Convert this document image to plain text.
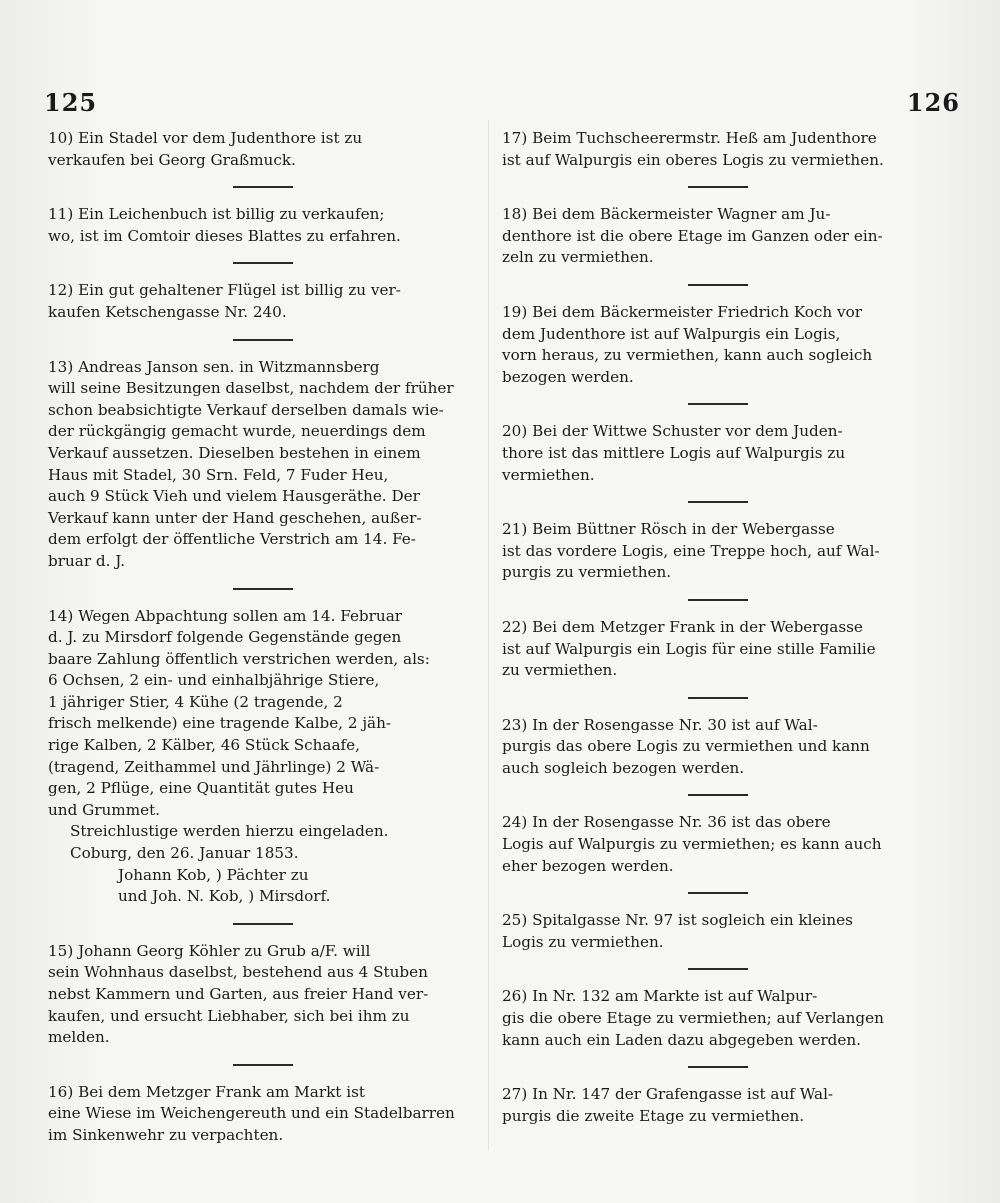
125	126

10) Ein Stadel vor dem Judenthore ist zu

verkaufen bei Georg Graßmuck.

11) Ein Leichenbuch ist billig zu verkaufen;

wo, ist im Comtoir dieses Blattes zu erfahren.

12) Ein gut gehaltener Flügel ist billig zu ver-

kaufen Ketschengasse Nr. 240.

13) Andreas Janson sen. in Witzmannsberg

will seine Besitzungen daselbst, nachdem der früher

schon beabsichtigte Verkauf derselben damals wie-

der rückgängig gemacht wurde, neuerdings dem

Verkauf aussetzen. Dieselben bestehen in einem

Haus mit Stadel, 30 Srn. Feld, 7 Fuder Heu,

auch 9 Stück Vieh und vielem Hausgeräthe. Der

Verkauf kann unter der Hand geschehen, außer-

dem erfolgt der öffentliche Verstrich am 14. Fe-

bruar d. J.

14) Wegen Abpachtung sollen am 14. Februar

d. J. zu Mirsdorf folgende Gegenstände gegen

baare Zahlung öffentlich verstrichen werden, als:

6 Ochsen, 2 ein- und einhalbjährige Stiere,

1 jähriger Stier, 4 Kühe (2 tragende, 2

frisch melkende) eine tragende Kalbe, 2 jäh-

rige Kalben, 2 Kälber, 46 Stück Schaafe,

(tragend, Zeithammel und Jährlinge) 2 Wä-

gen, 2 Pflüge, eine Quantität gutes Heu

und Grummet.

Streichlustige werden hierzu eingeladen.

Coburg, den 26. Januar 1853.

Johann Kob, ) Pächter zu

und Joh. N. Kob, ) Mirsdorf.

15) Johann Georg Köhler zu Grub a/F. will

sein Wohnhaus daselbst, bestehend aus 4 Stuben

nebst Kammern und Garten, aus freier Hand ver-

kaufen, und ersucht Liebhaber, sich bei ihm zu

melden.

16) Bei dem Metzger Frank am Markt ist

eine Wiese im Weichengereuth und ein Stadelbarren

im Sinkenwehr zu verpachten.

17) Beim Tuchscheerermstr. Heß am Judenthore

ist auf Walpurgis ein oberes Logis zu vermiethen.

18) Bei dem Bäckermeister Wagner am Ju-

denthore ist die obere Etage im Ganzen oder ein-

zeln zu vermiethen.

19) Bei dem Bäckermeister Friedrich Koch vor

dem Judenthore ist auf Walpurgis ein Logis,

vorn heraus, zu vermiethen, kann auch sogleich

bezogen werden.

20) Bei der Wittwe Schuster vor dem Juden-

thore ist das mittlere Logis auf Walpurgis zu

vermiethen.

21) Beim Büttner Rösch in der Webergasse

ist das vordere Logis, eine Treppe hoch, auf Wal-

purgis zu vermiethen.

22) Bei dem Metzger Frank in der Webergasse

ist auf Walpurgis ein Logis für eine stille Familie

zu vermiethen.

23) In der Rosengasse Nr. 30 ist auf Wal-

purgis das obere Logis zu vermiethen und kann

auch sogleich bezogen werden.

24) In der Rosengasse Nr. 36 ist das obere

Logis auf Walpurgis zu vermiethen; es kann auch

eher bezogen werden.

25) Spitalgasse Nr. 97 ist sogleich ein kleines

Logis zu vermiethen.

26) In Nr. 132 am Markte ist auf Walpur-

gis die obere Etage zu vermiethen; auf Verlangen

kann auch ein Laden dazu abgegeben werden.

27) In Nr. 147 der Grafengasse ist auf Wal-

purgis die zweite Etage zu vermiethen.
